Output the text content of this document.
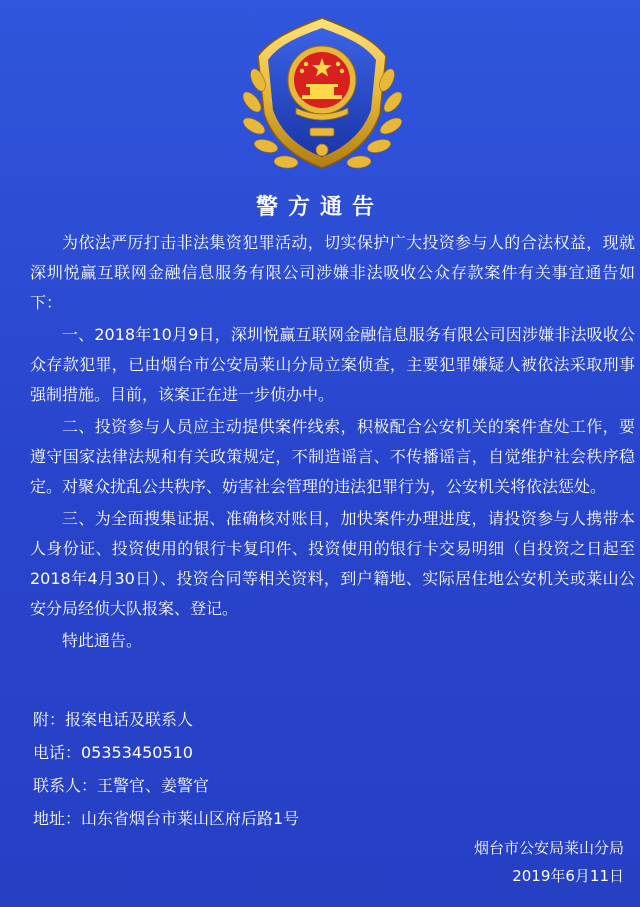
警方通告

为依法严厉打击非法集资犯罪活动，切实保护广大投资参与人的合法权益，现就深圳悦赢互联网金融信息服务有限公司涉嫌非法吸收公众存款案件有关事宜通告如下：

一、2018年10月9日，深圳悦赢互联网金融信息服务有限公司因涉嫌非法吸收公众存款犯罪，已由烟台市公安局莱山分局立案侦查，主要犯罪嫌疑人被依法采取刑事强制措施。目前，该案正在进一步侦办中。

二、投资参与人员应主动提供案件线索，积极配合公安机关的案件查处工作，要遵守国家法律法规和有关政策规定，不制造谣言、不传播谣言，自觉维护社会秩序稳定。对聚众扰乱公共秩序、妨害社会管理的违法犯罪行为，公安机关将依法惩处。

三、为全面搜集证据、准确核对账目，加快案件办理进度，请投资参与人携带本人身份证、投资使用的银行卡复印件、投资使用的银行卡交易明细（自投资之日起至2018年4月30日）、投资合同等相关资料，到户籍地、实际居住地公安机关或莱山公安分局经侦大队报案、登记。

特此通告。

附：报案电话及联系人
电话：05353450510
联系人：王警官、姜警官
地址：山东省烟台市莱山区府后路1号
烟台市公安局莱山分局
2019年6月11日
